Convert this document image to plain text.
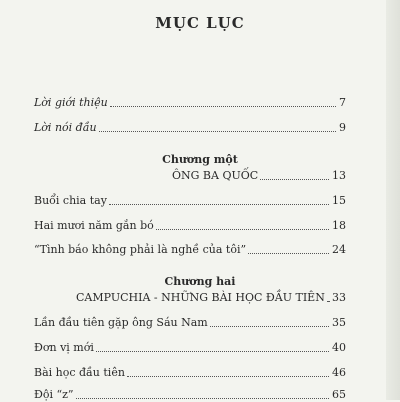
MỤC LỤC
Lời giới thiệu	7
Lời nói đầu	9
Chương một
ÔNG BA QUỐC	13
Buổi chia tay	15
Hai mươi năm gắn bó	18
“Tình báo không phải là nghề của tôi”	24
Chương hai
CAMPUCHIA - NHỮNG BÀI HỌC ĐẦU TIÊN 33
Lần đầu tiên gặp ông Sáu Nam	35
Đơn vị mới	40
Bài học đầu tiên	46
Đội “z”	65
